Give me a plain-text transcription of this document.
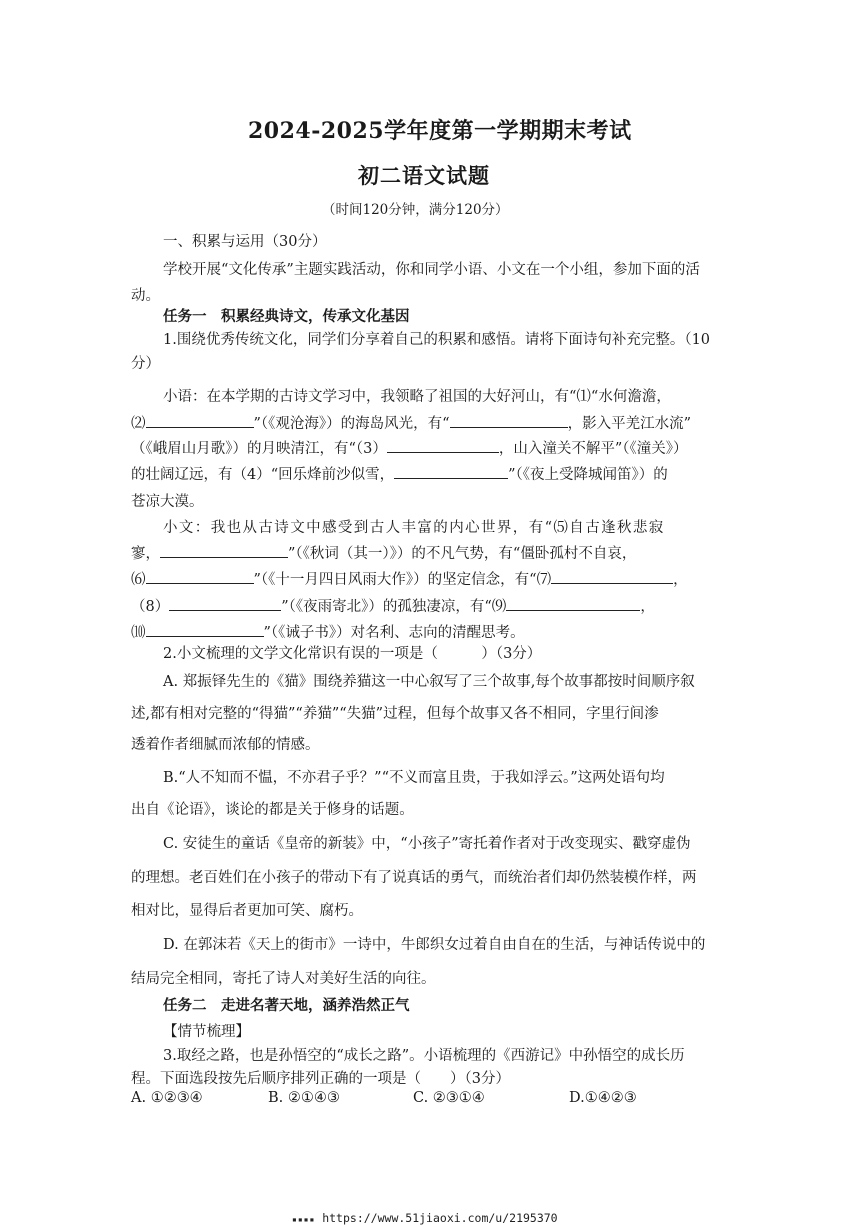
2024-2025学年度第一学期期末考试
初二语文试题
（时间120分钟，满分120分）
一、积累与运用（30分）
学校开展“文化传承”主题实践活动，你和同学小语、小文在一个小组，参加下面的活
动。
任务一　积累经典诗文，传承文化基因
1.围绕优秀传统文化，同学们分享着自己的积累和感悟。请将下面诗句补充完整。（10
分）
小语：在本学期的古诗文学习中，我领略了祖国的大好河山，有“⑴“水何澹澹，
⑵	”（《观沧海》）的海岛风光，有“	，影入平羌江水流”
（《峨眉山月歌》）的月映清江，有“（3）	，山入潼关不解平”（《潼关》）
的壮阔辽远，有（4）“回乐烽前沙似雪，	”（《夜上受降城闻笛》）的
苍凉大漠。
小文：我也从古诗文中感受到古人丰富的内心世界，有“⑸自古逢秋悲寂
寥，	”（《秋词（其一）》）的不凡气势，有“僵卧孤村不自哀，
⑹	”（《十一月四日风雨大作》）的坚定信念，有“⑺	，
（8）	”（《夜雨寄北》）的孤独凄凉，有“⑼	，
⑽	”（《诫子书》）对名利、志向的清醒思考。
2.小文梳理的文学文化常识有误的一项是（　　　）（3分）
A. 郑振铎先生的《猫》围绕养猫这一中心叙写了三个故事,每个故事都按时间顺序叙
述,都有相对完整的“得猫”“养猫”“失猫”过程，但每个故事又各不相同，字里行间渗
透着作者细腻而浓郁的情感。
B.“人不知而不愠，不亦君子乎？”“不义而富且贵，于我如浮云。”这两处语句均
出自《论语》，谈论的都是关于修身的话题。
C. 安徒生的童话《皇帝的新装》中，“小孩子”寄托着作者对于改变现实、戳穿虚伪
的理想。老百姓们在小孩子的带动下有了说真话的勇气，而统治者们却仍然装模作样，两
相对比，显得后者更加可笑、腐朽。
D. 在郭沫若《天上的街市》一诗中，牛郎织女过着自由自在的生活，与神话传说中的
结局完全相同，寄托了诗人对美好生活的向往。
任务二　走进名著天地，涵养浩然正气
【情节梳理】
3.取经之路，也是孙悟空的“成长之路”。小语梳理的《西游记》中孙悟空的成长历
程。下面选段按先后顺序排列正确的一项是（　　）（3分）
A. ①②③④	B. ②①④③	C. ②③①④	D.①④②③
▪▪▪▪ https://www.51jiaoxi.com/u/2195370
